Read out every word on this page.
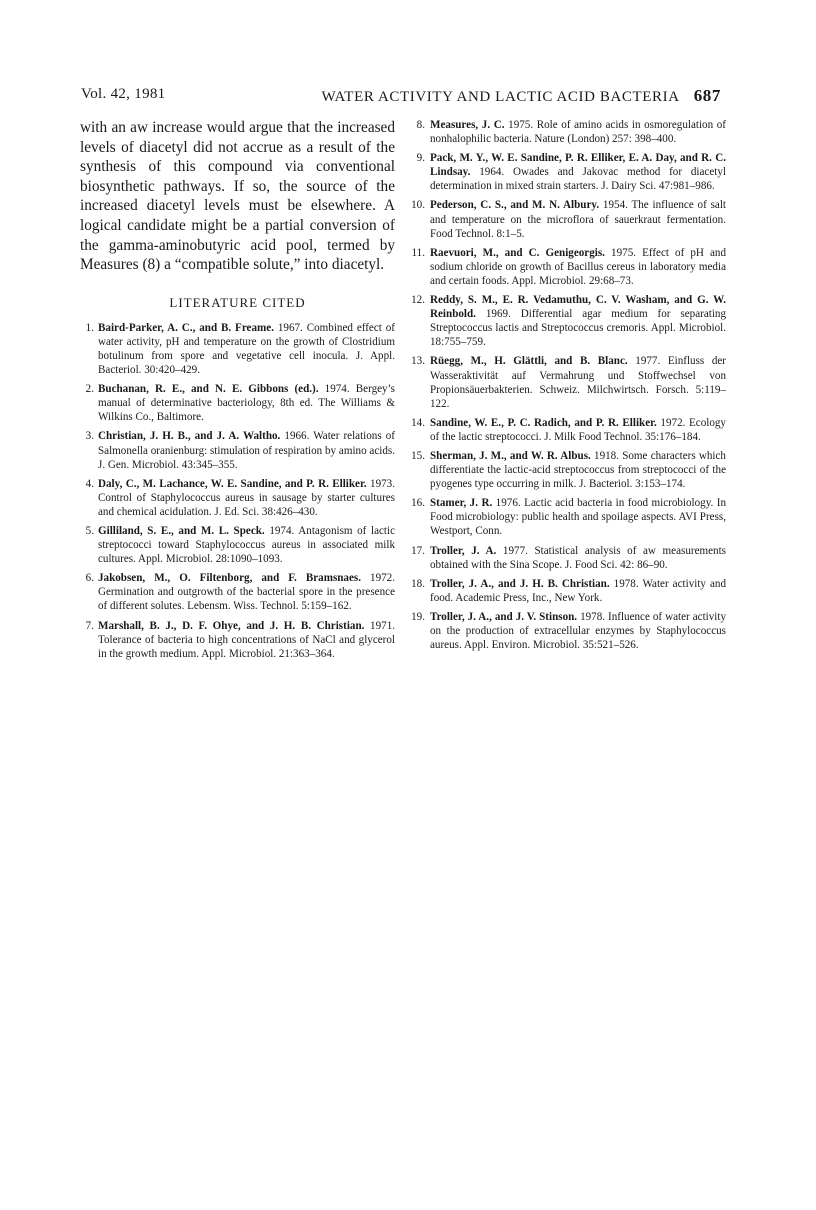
Vol. 42, 1981	WATER ACTIVITY AND LACTIC ACID BACTERIA 687

with an aw increase would argue that the increased levels of diacetyl did not accrue as a result of the synthesis of this compound via conventional biosynthetic pathways. If so, the source of the increased diacetyl levels must be elsewhere. A logical candidate might be a partial conversion of the gamma-aminobutyric acid pool, termed by Measures (8) a “compatible solute,” into diacetyl.

LITERATURE CITED
1. Baird-Parker, A. C., and B. Freame. 1967. Combined effect of water activity, pH and temperature on the growth of Clostridium botulinum from spore and vegetative cell inocula. J. Appl. Bacteriol. 30:420–429.
2. Buchanan, R. E., and N. E. Gibbons (ed.). 1974. Bergey’s manual of determinative bacteriology, 8th ed. The Williams & Wilkins Co., Baltimore.
3. Christian, J. H. B., and J. A. Waltho. 1966. Water relations of Salmonella oranienburg: stimulation of respiration by amino acids. J. Gen. Microbiol. 43:345–355.
4. Daly, C., M. Lachance, W. E. Sandine, and P. R. Elliker. 1973. Control of Staphylococcus aureus in sausage by starter cultures and chemical acidulation. J. Ed. Sci. 38:426–430.
5. Gilliland, S. E., and M. L. Speck. 1974. Antagonism of lactic streptococci toward Staphylococcus aureus in associated milk cultures. Appl. Microbiol. 28:1090–1093.
6. Jakobsen, M., O. Filtenborg, and F. Bramsnaes. 1972. Germination and outgrowth of the bacterial spore in the presence of different solutes. Lebensm. Wiss. Technol. 5:159–162.
7. Marshall, B. J., D. F. Ohye, and J. H. B. Christian. 1971. Tolerance of bacteria to high concentrations of NaCl and glycerol in the growth medium. Appl. Microbiol. 21:363–364.
8. Measures, J. C. 1975. Role of amino acids in osmoregulation of nonhalophilic bacteria. Nature (London) 257: 398–400.
9. Pack, M. Y., W. E. Sandine, P. R. Elliker, E. A. Day, and R. C. Lindsay. 1964. Owades and Jakovac method for diacetyl determination in mixed strain starters. J. Dairy Sci. 47:981–986.
10. Pederson, C. S., and M. N. Albury. 1954. The influence of salt and temperature on the microflora of sauerkraut fermentation. Food Technol. 8:1–5.
11. Raevuori, M., and C. Genigeorgis. 1975. Effect of pH and sodium chloride on growth of Bacillus cereus in laboratory media and certain foods. Appl. Microbiol. 29:68–73.
12. Reddy, S. M., E. R. Vedamuthu, C. V. Washam, and G. W. Reinbold. 1969. Differential agar medium for separating Streptococcus lactis and Streptococcus cremoris. Appl. Microbiol. 18:755–759.
13. Rüegg, M., H. Glättli, and B. Blanc. 1977. Einfluss der Wasseraktivität auf Vermahrung und Stoffwechsel von Propionsäuerbakterien. Schweiz. Milchwirtsch. Forsch. 5:119–122.
14. Sandine, W. E., P. C. Radich, and P. R. Elliker. 1972. Ecology of the lactic streptococci. J. Milk Food Technol. 35:176–184.
15. Sherman, J. M., and W. R. Albus. 1918. Some characters which differentiate the lactic-acid streptococcus from streptococci of the pyogenes type occurring in milk. J. Bacteriol. 3:153–174.
16. Stamer, J. R. 1976. Lactic acid bacteria in food microbiology. In Food microbiology: public health and spoilage aspects. AVI Press, Westport, Conn.
17. Troller, J. A. 1977. Statistical analysis of aw measurements obtained with the Sina Scope. J. Food Sci. 42: 86–90.
18. Troller, J. A., and J. H. B. Christian. 1978. Water activity and food. Academic Press, Inc., New York.
19. Troller, J. A., and J. V. Stinson. 1978. Influence of water activity on the production of extracellular enzymes by Staphylococcus aureus. Appl. Environ. Microbiol. 35:521–526.
